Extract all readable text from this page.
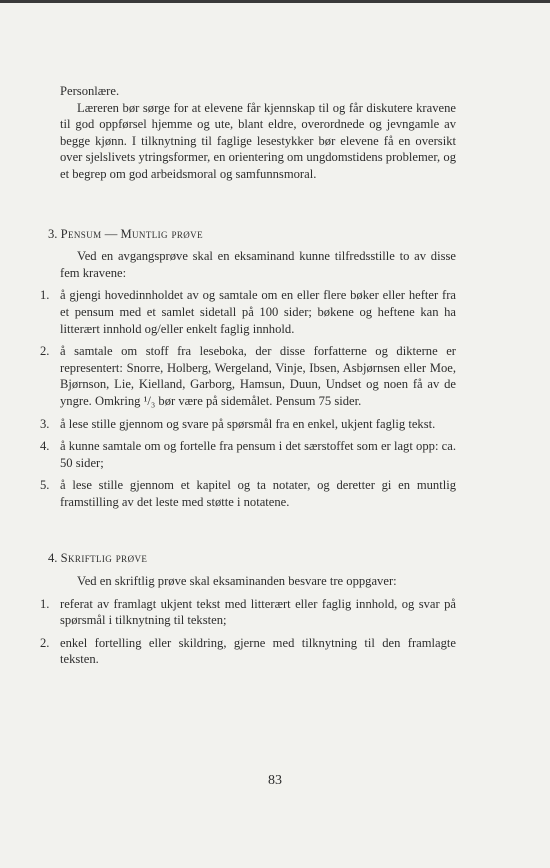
Personlære.

Læreren bør sørge for at elevene får kjennskap til og får diskutere kravene til god oppførsel hjemme og ute, blant eldre, overordnede og jevngamle av begge kjønn. I tilknytning til faglige lesestykker bør elevene få en oversikt over sjelslivets ytringsformer, en orientering om ungdomstidens problemer, og et begrep om god arbeidsmoral og samfunnsmoral.

3. Pensum — Muntlig prøve

Ved en avgangsprøve skal en eksaminand kunne tilfredsstille to av disse fem kravene:

1. å gjengi hovedinnholdet av og samtale om en eller flere bøker eller hefter fra et pensum med et samlet sidetall på 100 sider; bøkene og heftene kan ha litterært innhold og/eller enkelt faglig innhold.
2. å samtale om stoff fra leseboka, der disse forfatterne og dikterne er representert: Snorre, Holberg, Wergeland, Vinje, Ibsen, Asbjørnsen eller Moe, Bjørnson, Lie, Kielland, Garborg, Hamsun, Duun, Undset og noen få av de yngre. Omkring ¹/₃ bør være på sidemålet. Pensum 75 sider.
3. å lese stille gjennom og svare på spørsmål fra en enkel, ukjent faglig tekst.
4. å kunne samtale om og fortelle fra pensum i det særstoffet som er lagt opp: ca. 50 sider;
5. å lese stille gjennom et kapitel og ta notater, og deretter gi en muntlig framstilling av det leste med støtte i notatene.

4. Skriftlig prøve

Ved en skriftlig prøve skal eksaminanden besvare tre oppgaver:

1. referat av framlagt ukjent tekst med litterært eller faglig innhold, og svar på spørsmål i tilknytning til teksten;
2. enkel fortelling eller skildring, gjerne med tilknytning til den framlagte teksten.
83
